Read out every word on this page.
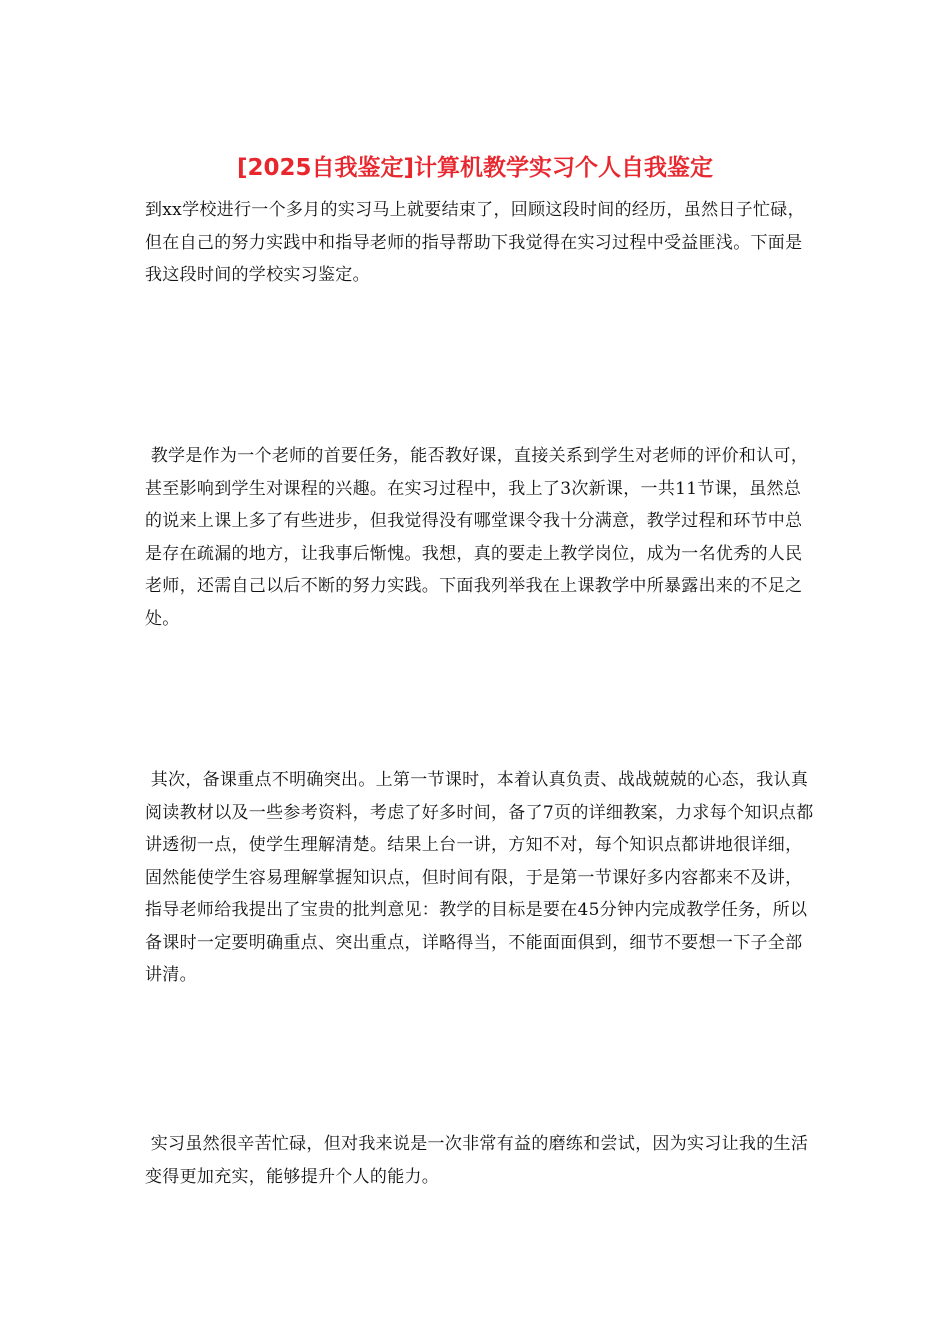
[2025自我鉴定]计算机教学实习个人自我鉴定

到xx学校进行一个多月的实习马上就要结束了，回顾这段时间的经历，虽然日子忙碌，但在自己的努力实践中和指导老师的指导帮助下我觉得在实习过程中受益匪浅。下面是我这段时间的学校实习鉴定。

教学是作为一个老师的首要任务，能否教好课，直接关系到学生对老师的评价和认可，甚至影响到学生对课程的兴趣。在实习过程中，我上了3次新课，一共11节课，虽然总的说来上课上多了有些进步，但我觉得没有哪堂课令我十分满意，教学过程和环节中总是存在疏漏的地方，让我事后惭愧。我想，真的要走上教学岗位，成为一名优秀的人民老师，还需自己以后不断的努力实践。下面我列举我在上课教学中所暴露出来的不足之处。

其次，备课重点不明确突出。上第一节课时，本着认真负责、战战兢兢的心态，我认真阅读教材以及一些参考资料，考虑了好多时间，备了7页的详细教案，力求每个知识点都讲透彻一点，使学生理解清楚。结果上台一讲，方知不对，每个知识点都讲地很详细，固然能使学生容易理解掌握知识点，但时间有限，于是第一节课好多内容都来不及讲，指导老师给我提出了宝贵的批判意见：教学的目标是要在45分钟内完成教学任务，所以备课时一定要明确重点、突出重点，详略得当，不能面面俱到，细节不要想一下子全部讲清。

实习虽然很辛苦忙碌，但对我来说是一次非常有益的磨练和尝试，因为实习让我的生活变得更加充实，能够提升个人的能力。
